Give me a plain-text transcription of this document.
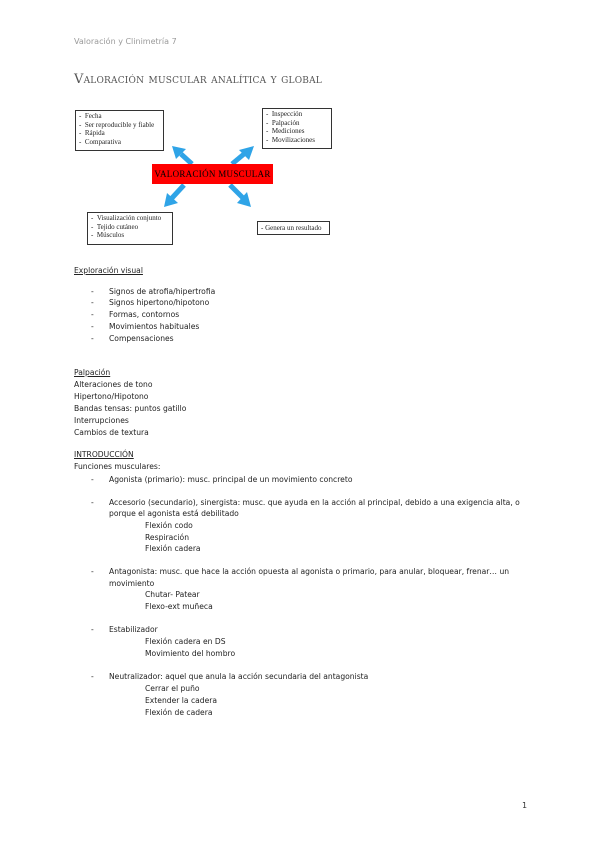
Valoración y Clinimetría 7
Valoración muscular analítica y global
-  Fecha
-  Ser reproducible y fiable
-  Rápida
-  Comparativa
-  Inspección
-  Palpación
-  Mediciones
-  Movilizaciones
VALORACIÓN MUSCULAR
-  Visualización conjunto
-  Tejido cutáneo
-  Músculos
- Genera un resultado
Exploración visual
- Signos de atrofia/hipertrofia
- Signos hipertono/hipotono
- Formas, contornos
- Movimientos habituales
- Compensaciones
Palpación
Alteraciones de tono
Hipertono/Hipotono
Bandas tensas: puntos gatillo
Interrupciones
Cambios de textura
INTRODUCCIÓN
Funciones musculares:
- Agonista (primario): musc. principal de un movimiento concreto
- Accesorio (secundario), sinergista: musc. que ayuda en la acción al principal, debido a una exigencia alta, o
porque el agonista está debilitado
Flexión codo
Respiración
Flexión cadera
- Antagonista: musc. que hace la acción opuesta al agonista o primario, para anular, bloquear, frenar… un
movimiento
Chutar- Patear
Flexo-ext muñeca
- Estabilizador
Flexión cadera en DS
Movimiento del hombro
- Neutralizador: aquel que anula la acción secundaria del antagonista
Cerrar el puño
Extender la cadera
Flexión de cadera
1
